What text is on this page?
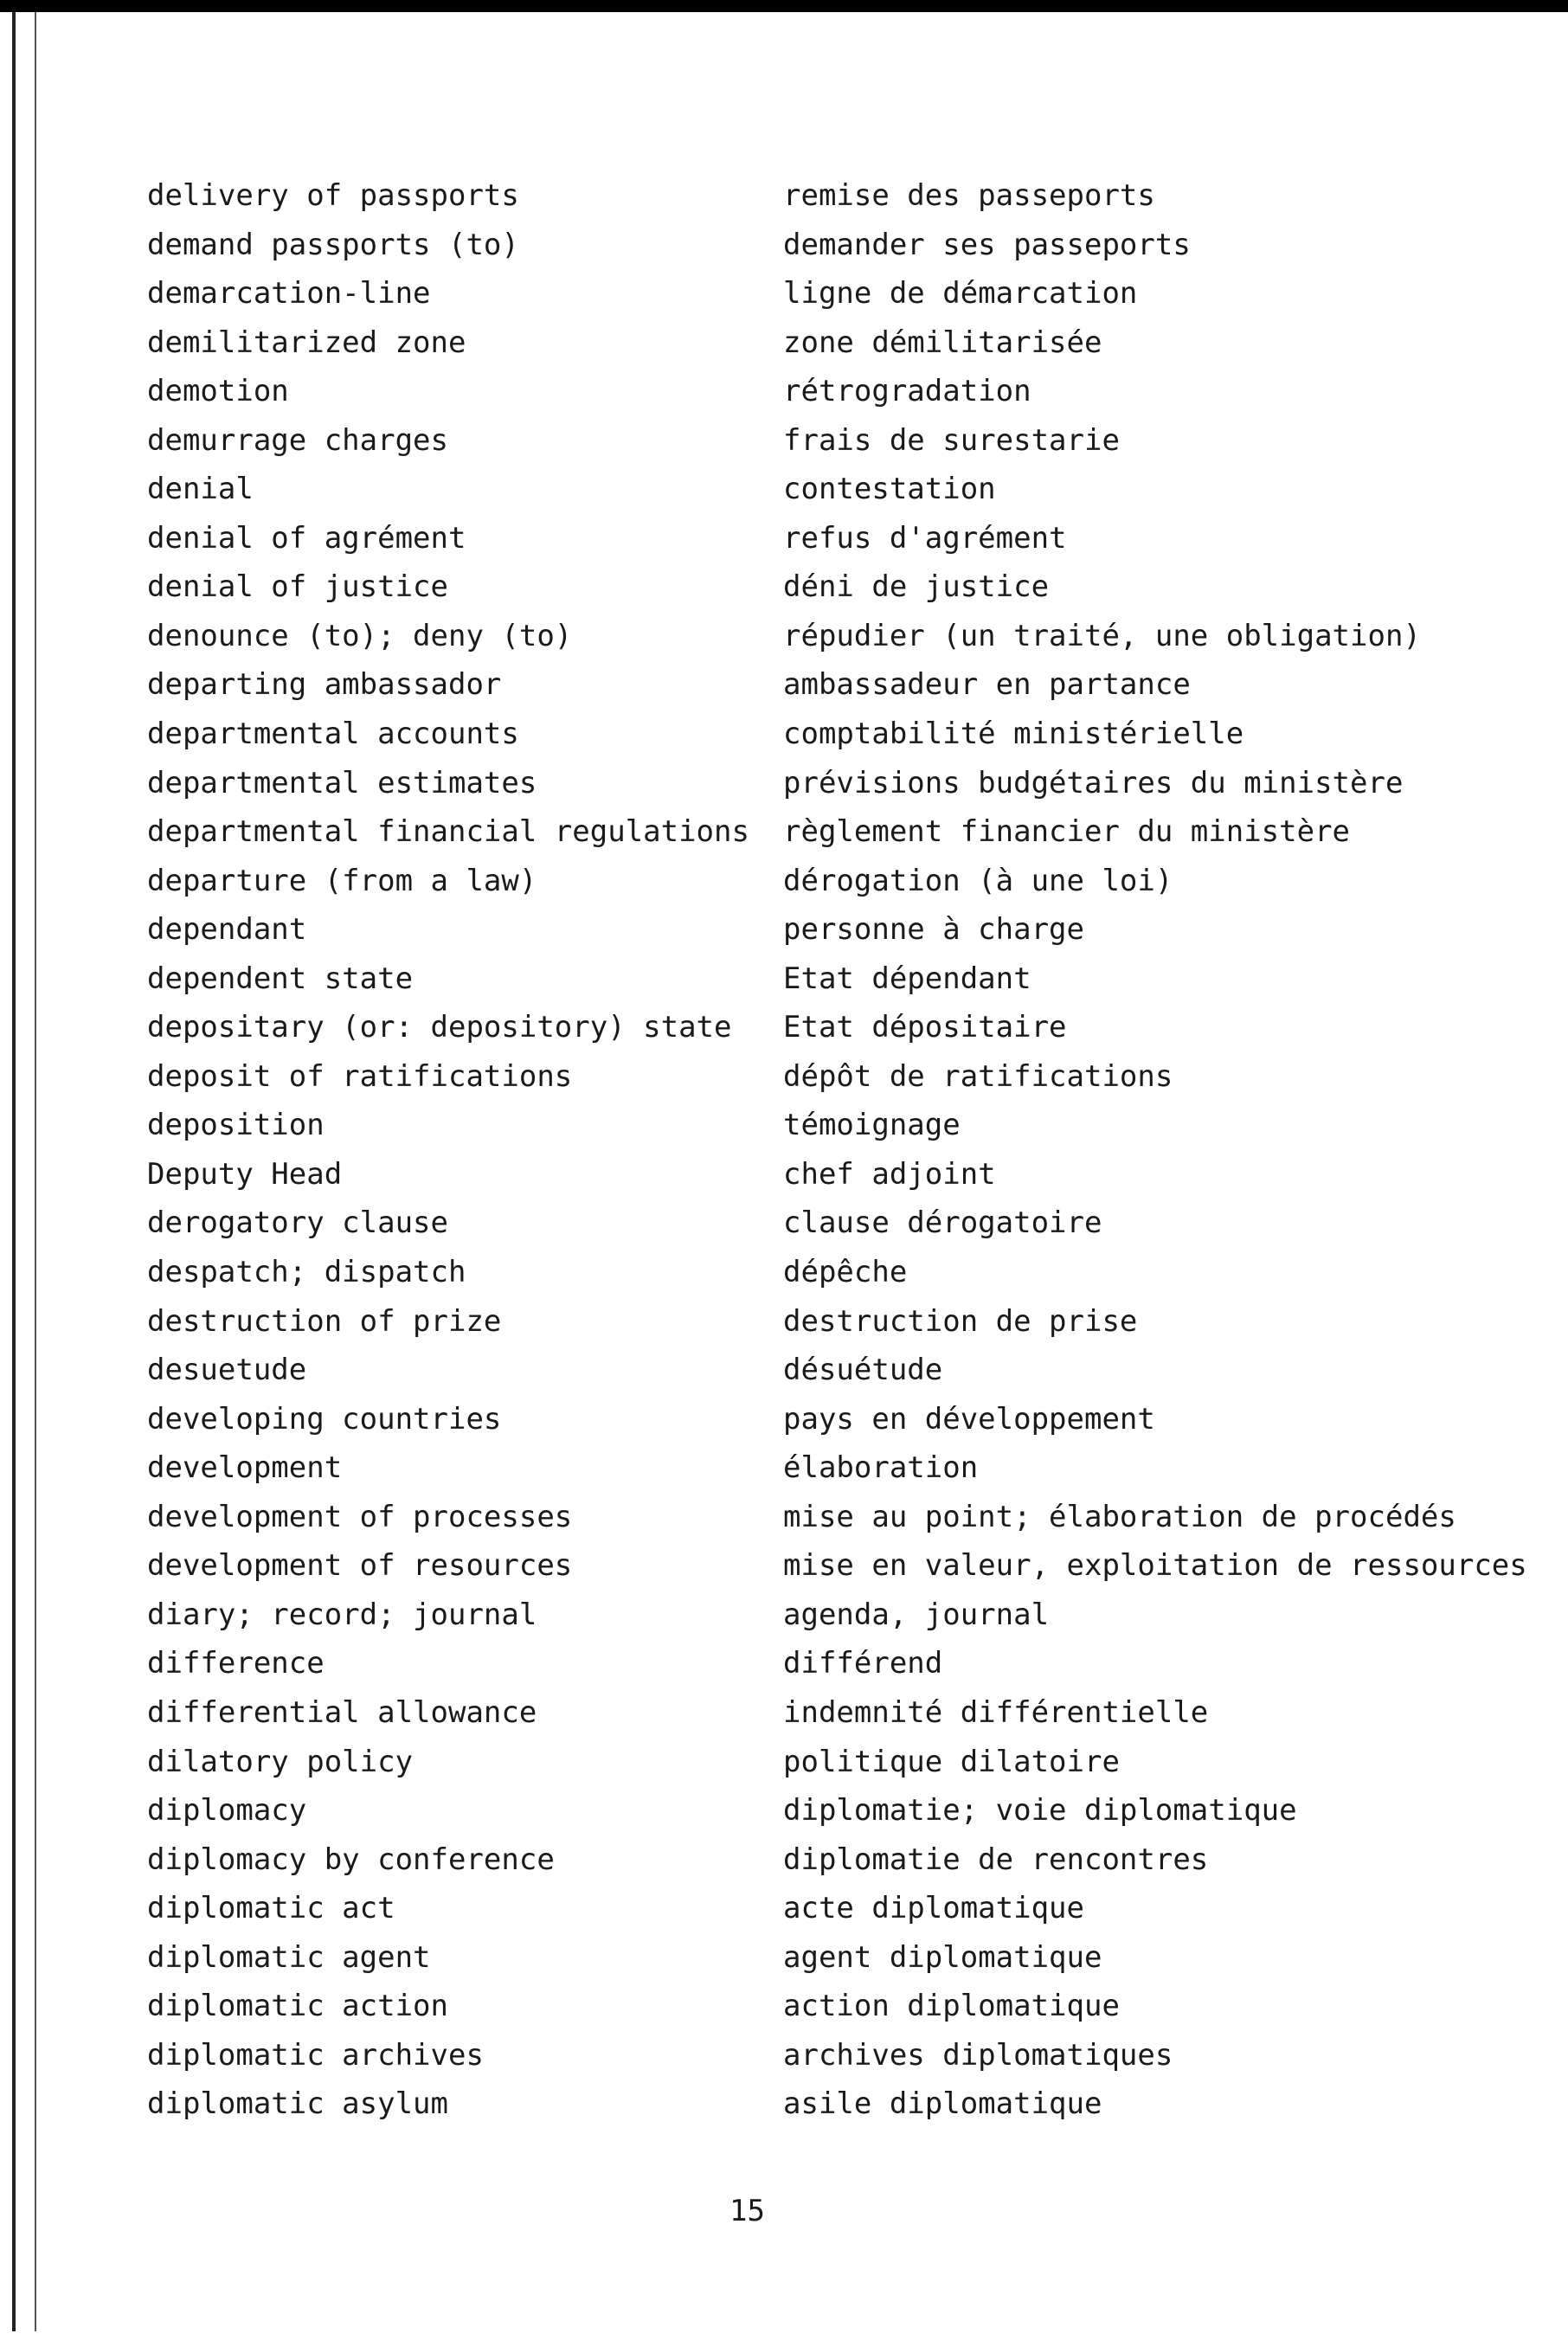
delivery of passports
demand passports (to)
demarcation-line
demilitarized zone
demotion
demurrage charges
denial
denial of agrément
denial of justice
denounce (to); deny (to)
departing ambassador
departmental accounts
departmental estimates
departmental financial regulations
departure (from a law)
dependant
dependent state
depositary (or: depository) state
deposit of ratifications
deposition
Deputy Head
derogatory clause
despatch; dispatch
destruction of prize
desuetude
developing countries
development
development of processes
development of resources
diary; record; journal
difference
differential allowance
dilatory policy
diplomacy
diplomacy by conference
diplomatic act
diplomatic agent
diplomatic action
diplomatic archives
diplomatic asylum
remise des passeports
demander ses passeports
ligne de démarcation
zone démilitarisée
rétrogradation
frais de surestarie
contestation
refus d'agrément
déni de justice
répudier (un traité, une obligation)
ambassadeur en partance
comptabilité ministérielle
prévisions budgétaires du ministère
règlement financier du ministère
dérogation (à une loi)
personne à charge
Etat dépendant
Etat dépositaire
dépôt de ratifications
témoignage
chef adjoint
clause dérogatoire
dépêche
destruction de prise
désuétude
pays en développement
élaboration
mise au point; élaboration de procédés
mise en valeur, exploitation de ressources
agenda, journal
différend
indemnité différentielle
politique dilatoire
diplomatie; voie diplomatique
diplomatie de rencontres
acte diplomatique
agent diplomatique
action diplomatique
archives diplomatiques
asile diplomatique
15
